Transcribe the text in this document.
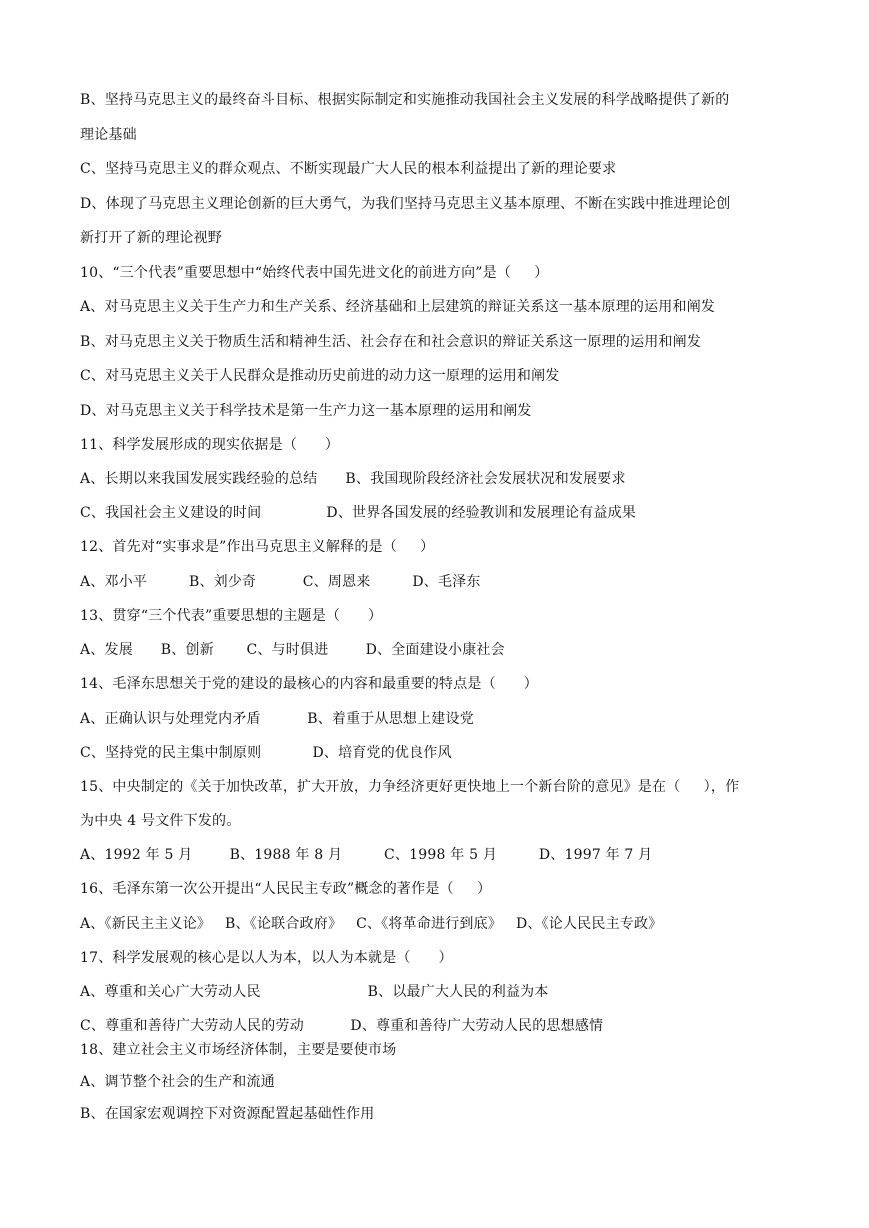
B、坚持马克思主义的最终奋斗目标、根据实际制定和实施推动我国社会主义发展的科学战略提供了新的
理论基础
C、坚持马克思主义的群众观点、不断实现最广大人民的根本利益提出了新的理论要求
D、体现了马克思主义理论创新的巨大勇气，为我们坚持马克思主义基本原理、不断在实践中推进理论创
新打开了新的理论视野
10、“三个代表”重要思想中“始终代表中国先进文化的前进方向”是（     ）
A、对马克思主义关于生产力和生产关系、经济基础和上层建筑的辩证关系这一基本原理的运用和阐发
B、对马克思主义关于物质生活和精神生活、社会存在和社会意识的辩证关系这一原理的运用和阐发
C、对马克思主义关于人民群众是推动历史前进的动力这一原理的运用和阐发
D、对马克思主义关于科学技术是第一生产力这一基本原理的运用和阐发
11、科学发展形成的现实依据是（      ）
A、长期以来我国发展实践经验的总结      B、我国现阶段经济社会发展状况和发展要求
C、我国社会主义建设的时间              D、世界各国发展的经验教训和发展理论有益成果
12、首先对“实事求是”作出马克思主义解释的是（     ）
A、邓小平         B、刘少奇          C、周恩来         D、毛泽东
13、贯穿“三个代表”重要思想的主题是（      ）
A、发展      B、创新       C、与时俱进        D、全面建设小康社会
14、毛泽东思想关于党的建设的最核心的内容和最重要的特点是（      ）
A、正确认识与处理党内矛盾          B、着重于从思想上建设党
C、坚持党的民主集中制原则           D、培育党的优良作风
15、中央制定的《关于加快改革，扩大开放，力争经济更好更快地上一个新台阶的意见》是在（     ），作
为中央 4 号文件下发的。
A、1992 年 5 月        B、1988 年 8 月         C、1998 年 5 月         D、1997 年 7 月
16、毛泽东第一次公开提出“人民民主专政”概念的著作是（     ）
A、《新民主主义论》   B、《论联合政府》   C、《将革命进行到底》   D、《论人民民主专政》
17、科学发展观的核心是以人为本，以人为本就是（      ）
A、尊重和关心广大劳动人民                       B、以最广大人民的利益为本
C、尊重和善待广大劳动人民的劳动          D、尊重和善待广大劳动人民的思想感情
18、建立社会主义市场经济体制，主要是要使市场
A、调节整个社会的生产和流通
B、在国家宏观调控下对资源配置起基础性作用
